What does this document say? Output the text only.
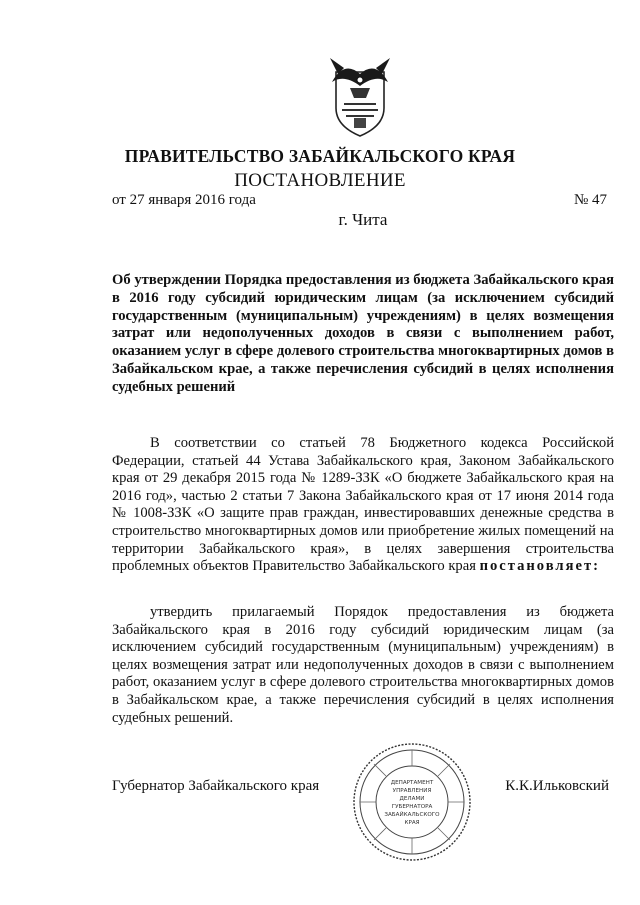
ПРАВИТЕЛЬСТВО ЗАБАЙКАЛЬСКОГО КРАЯ
ПОСТАНОВЛЕНИЕ
от 27 января 2016 года	№ 47
г. Чита
Об утверждении Порядка предоставления из бюджета Забайкальского края в 2016 году субсидий юридическим лицам (за исключением субсидий государственным (муниципальным) учреждениям) в целях возмещения затрат или недополученных доходов в связи с выполнением работ, оказанием услуг в сфере долевого строительства многоквартирных домов в Забайкальском крае, а также перечисления субсидий в целях исполнения судебных решений
В соответствии со статьей 78 Бюджетного кодекса Российской Федерации, статьей 44 Устава Забайкальского края, Законом Забайкальского края от 29 декабря 2015 года № 1289-ЗЗК «О бюджете Забайкальского края на 2016 год», частью 2 статьи 7 Закона Забайкальского края от 17 июня 2014 года № 1008-ЗЗК «О защите прав граждан, инвестировавших денежные средства в строительство многоквартирных домов или приобретение жилых помещений на территории Забайкальского края», в целях завершения строительства проблемных объектов Правительство Забайкальского края постановляет:
утвердить прилагаемый Порядок предоставления из бюджета Забайкальского края в 2016 году субсидий юридическим лицам (за исключением субсидий государственным (муниципальным) учреждениям) в целях возмещения затрат или недополученных доходов в связи с выполнением работ, оказанием услуг в сфере долевого строительства многоквартирных домов в Забайкальском крае, а также перечисления субсидий в целях исполнения судебных решений.
Губернатор Забайкальского края	К.К.Ильковский
ДЕПАРТАМЕНТ
УПРАВЛЕНИЯ
ДЕЛАМИ
ГУБЕРНАТОРА
ЗАБАЙКАЛЬСКОГО
КРАЯ
